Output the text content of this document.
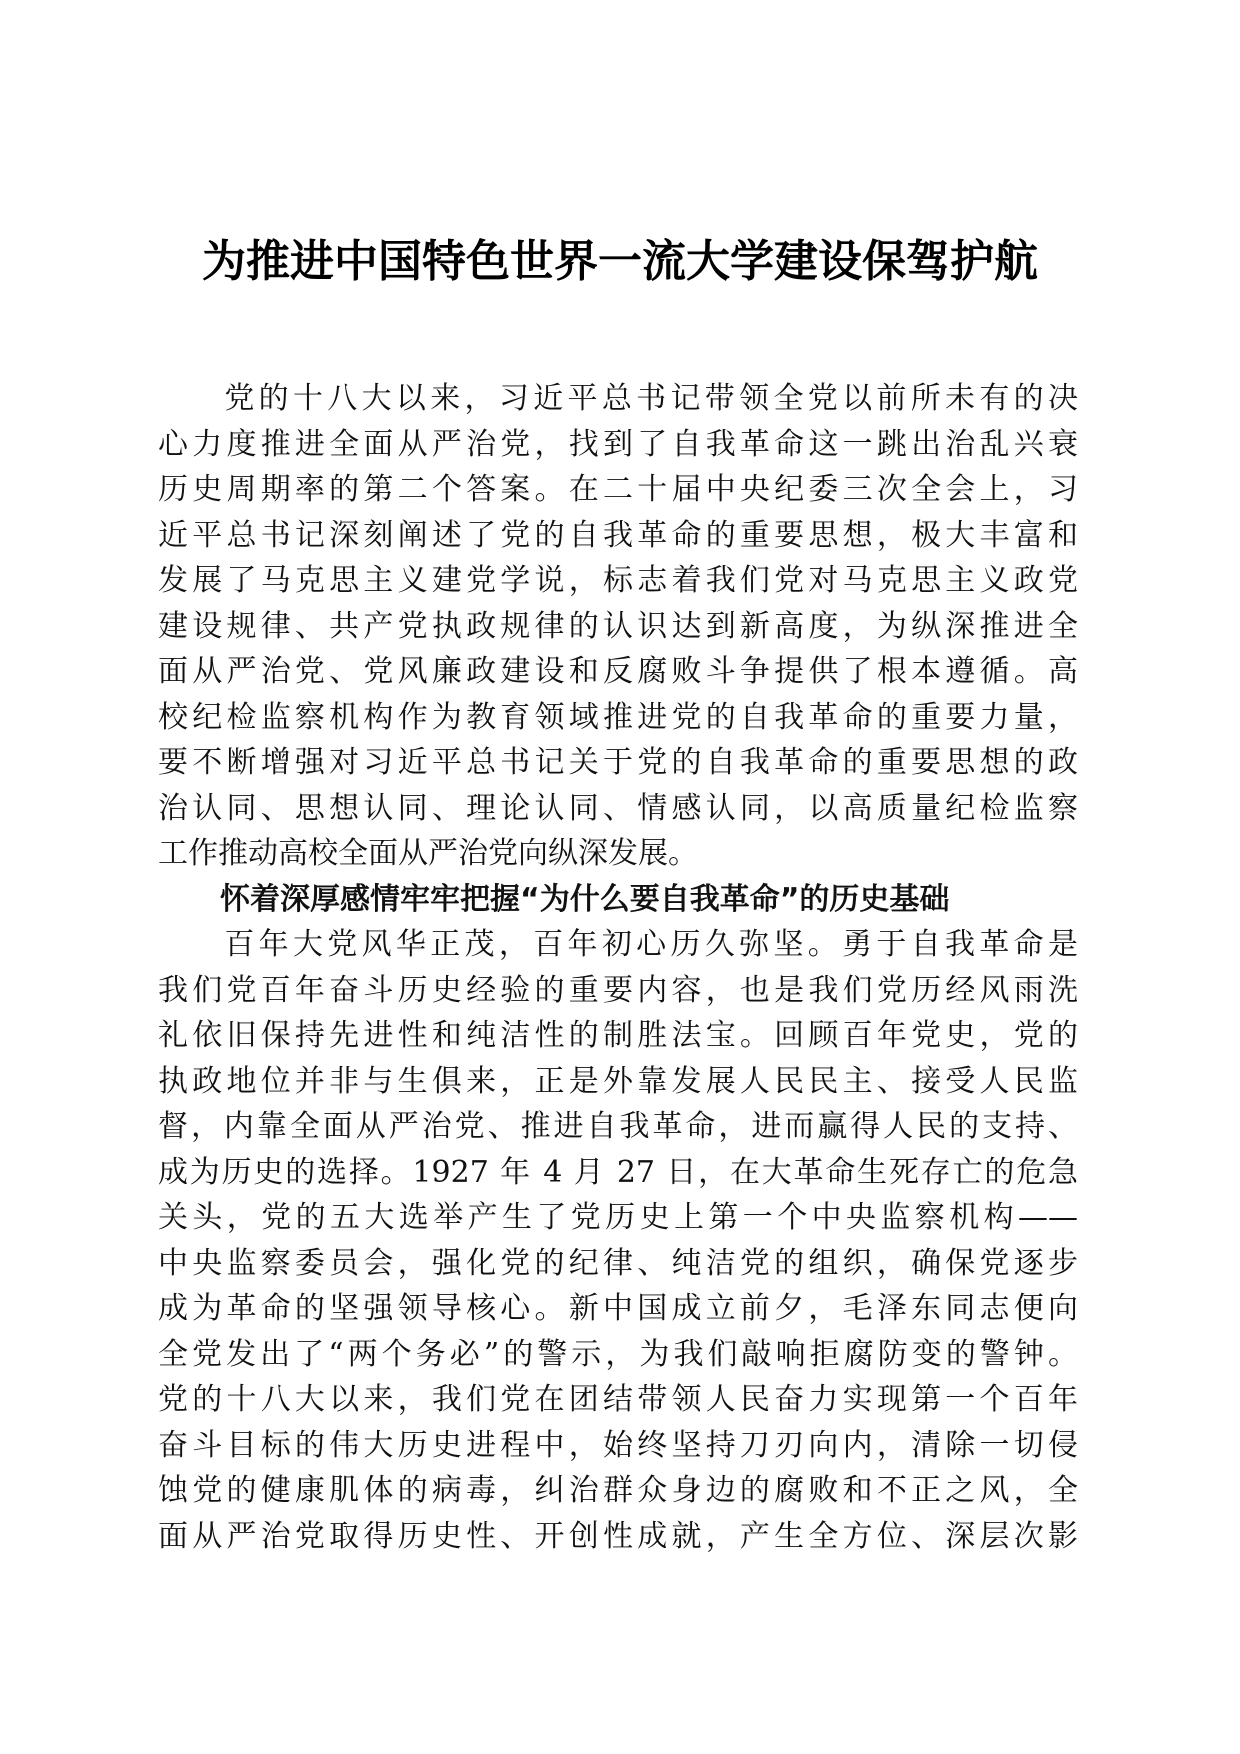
为推进中国特色世界一流大学建设保驾护航
党的十八大以来，习近平总书记带领全党以前所未有的决
心力度推进全面从严治党，找到了自我革命这一跳出治乱兴衰
历史周期率的第二个答案。在二十届中央纪委三次全会上，习
近平总书记深刻阐述了党的自我革命的重要思想，极大丰富和
发展了马克思主义建党学说，标志着我们党对马克思主义政党
建设规律、共产党执政规律的认识达到新高度，为纵深推进全
面从严治党、党风廉政建设和反腐败斗争提供了根本遵循。高
校纪检监察机构作为教育领域推进党的自我革命的重要力量，
要不断增强对习近平总书记关于党的自我革命的重要思想的政
治认同、思想认同、理论认同、情感认同，以高质量纪检监察
工作推动高校全面从严治党向纵深发展。
怀着深厚感情牢牢把握“为什么要自我革命”的历史基础
百年大党风华正茂，百年初心历久弥坚。勇于自我革命是
我们党百年奋斗历史经验的重要内容，也是我们党历经风雨洗
礼依旧保持先进性和纯洁性的制胜法宝。回顾百年党史，党的
执政地位并非与生俱来，正是外靠发展人民民主、接受人民监
督，内靠全面从严治党、推进自我革命，进而赢得人民的支持、
成为历史的选择。1927 年 4 月 27 日，在大革命生死存亡的危急
关头，党的五大选举产生了党历史上第一个中央监察机构——
中央监察委员会，强化党的纪律、纯洁党的组织，确保党逐步
成为革命的坚强领导核心。新中国成立前夕，毛泽东同志便向
全党发出了“两个务必”的警示，为我们敲响拒腐防变的警钟。
党的十八大以来，我们党在团结带领人民奋力实现第一个百年
奋斗目标的伟大历史进程中，始终坚持刀刃向内，清除一切侵
蚀党的健康肌体的病毒，纠治群众身边的腐败和不正之风，全
面从严治党取得历史性、开创性成就，产生全方位、深层次影
